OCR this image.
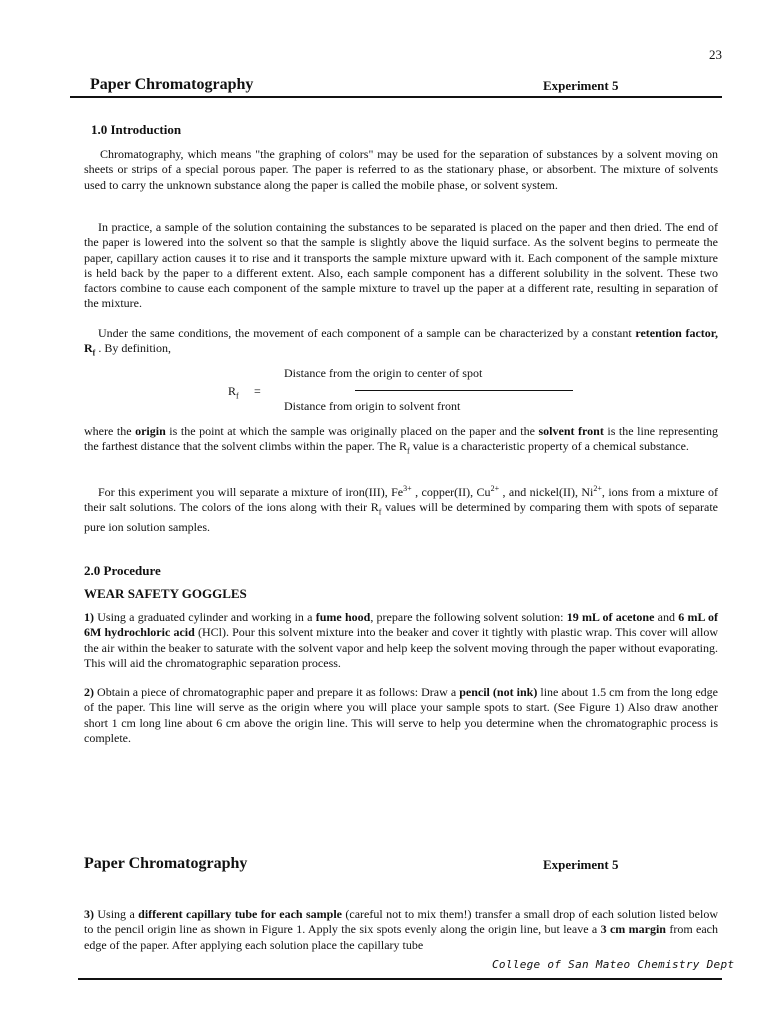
23
Paper Chromatography	Experiment 5
1.0 Introduction

Chromatography, which means "the graphing of colors" may be used for the separation of substances by a solvent moving on sheets or strips of a special porous paper. The paper is referred to as the stationary phase, or absorbent. The mixture of solvents used to carry the unknown substance along the paper is called the mobile phase, or solvent system.

In practice, a sample of the solution containing the substances to be separated is placed on the paper and then dried. The end of the paper is lowered into the solvent so that the sample is slightly above the liquid surface. As the solvent begins to permeate the paper, capillary action causes it to rise and it transports the sample mixture upward with it. Each component of the sample mixture is held back by the paper to a different extent. Also, each sample component has a different solubility in the solvent. These two factors combine to cause each component of the sample mixture to travel up the paper at a different rate, resulting in separation of the mixture.

Under the same conditions, the movement of each component of a sample can be characterized by a constant retention factor, $R_f$ . By definition,

Distance from the origin to center of spot
$R_f$ =
Distance from origin to solvent front

where the origin is the point at which the sample was originally placed on the paper and the solvent front is the line representing the farthest distance that the solvent climbs within the paper. The $R_f$ value is a characteristic property of a chemical substance.

For this experiment you will separate a mixture of iron(III), $Fe^{3+}$ , copper(II), $Cu^{2+}$ , and nickel(II), $Ni^{2+}$, ions from a mixture of their salt solutions. The colors of the ions along with their $R_f$ values will be determined by comparing them with spots of separate pure ion solution samples.

2.0 Procedure
WEAR SAFETY GOGGLES

1) Using a graduated cylinder and working in a fume hood, prepare the following solvent solution: 19 mL of acetone and 6 mL of 6M hydrochloric acid (HCl). Pour this solvent mixture into the beaker and cover it tightly with plastic wrap. This cover will allow the air within the beaker to saturate with the solvent vapor and help keep the solvent moving through the paper without evaporating. This will aid the chromatographic separation process.

2) Obtain a piece of chromatographic paper and prepare it as follows: Draw a pencil (not ink) line about 1.5 cm from the long edge of the paper. This line will serve as the origin where you will place your sample spots to start. (See Figure 1) Also draw another short 1 cm long line about 6 cm above the origin line. This will serve to help you determine when the chromatographic process is complete.

Paper Chromatography	Experiment 5

3) Using a different capillary tube for each sample (careful not to mix them!) transfer a small drop of each solution listed below to the pencil origin line as shown in Figure 1. Apply the six spots evenly along the origin line, but leave a 3 cm margin from each edge of the paper. After applying each solution place the capillary tube

College of San Mateo Chemistry Dept
